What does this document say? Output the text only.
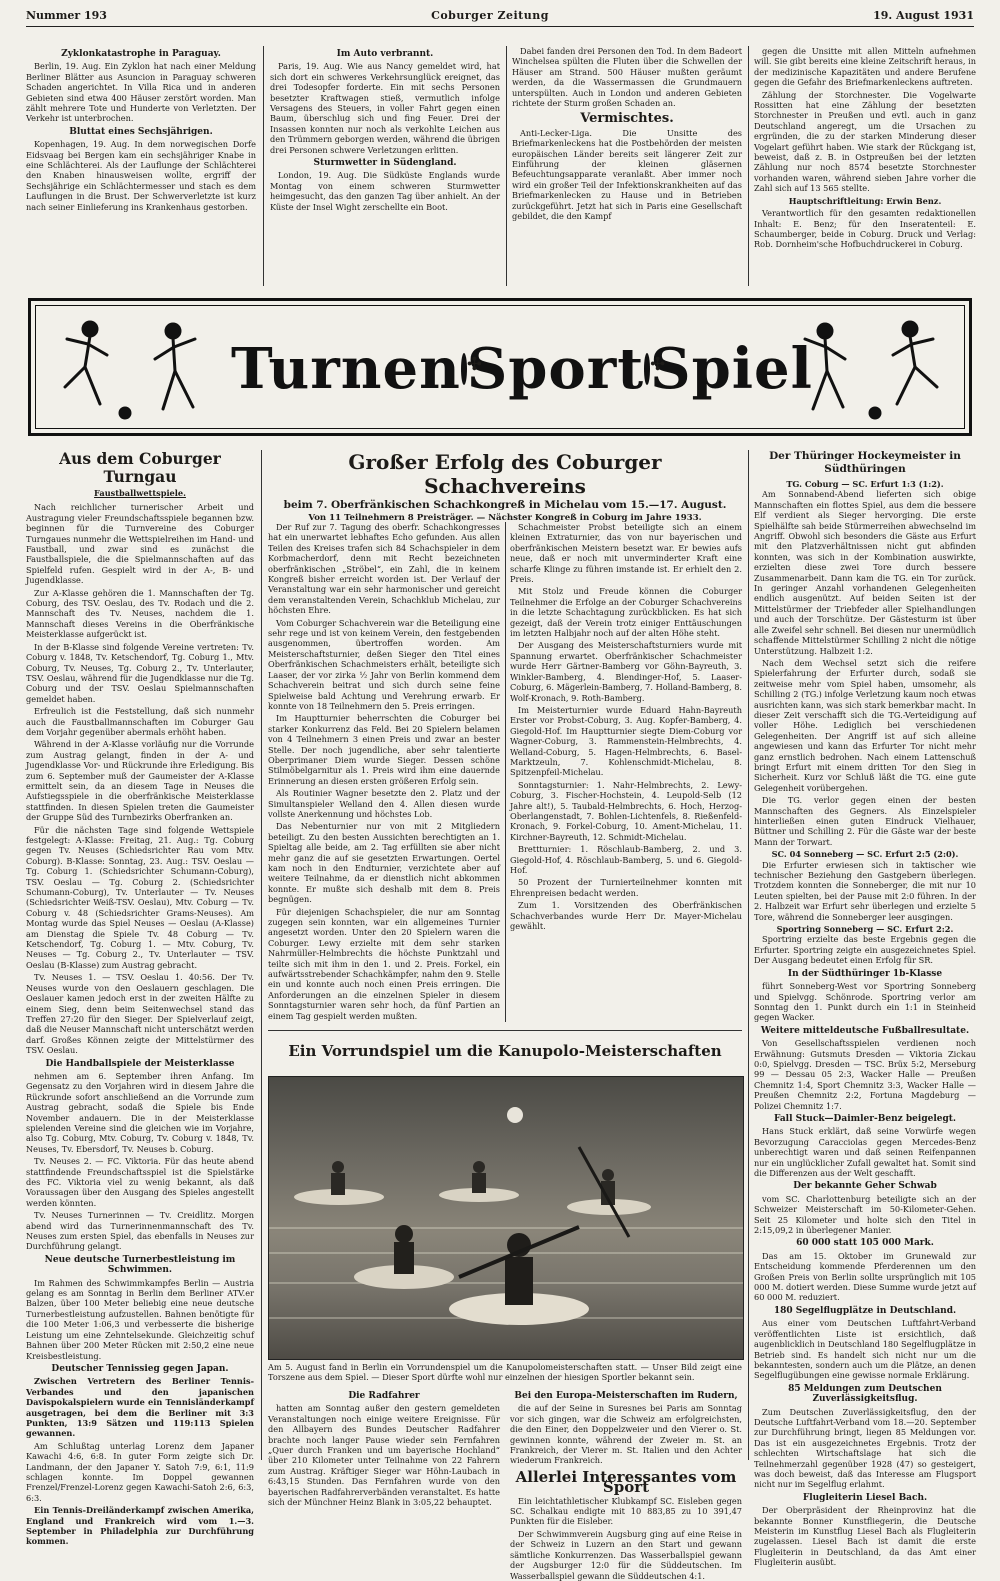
Nummer 193	Coburger Zeitung	19. August 1931
Zyklonkatastrophe in Paraguay.

Berlin, 19. Aug. Ein Zyklon hat nach einer Meldung Berliner Blätter aus Asuncion in Paraguay schweren Schaden angerichtet. In Villa Rica und in anderen Gebieten sind etwa 400 Häuser zerstört worden. Man zählt mehrere Tote und Hunderte von Verletzten. Der Verkehr ist unterbrochen.

Bluttat eines Sechsjährigen.

Kopenhagen, 19. Aug. In dem norwegischen Dorfe Eidsvaag bei Bergen kam ein sechsjähriger Knabe in eine Schlächterei. Als der Lauflunge der Schlächterei den Knaben hinausweisen wollte, ergriff der Sechsjährige ein Schlächtermesser und stach es dem Lauflungen in die Brust. Der Schwerverletzte ist kurz nach seiner Einlieferung ins Krankenhaus gestorben.

Im Auto verbrannt.

Paris, 19. Aug. Wie aus Nancy gemeldet wird, hat sich dort ein schweres Verkehrsunglück ereignet, das drei Todesopfer forderte. Ein mit sechs Personen besetzter Kraftwagen stieß, vermutlich infolge Versagens des Steuers, in voller Fahrt gegen einen Baum, überschlug sich und fing Feuer. Drei der Insassen konnten nur noch als verkohlte Leichen aus den Trümmern geborgen werden, während die übrigen drei Personen schwere Verletzungen erlitten.

Sturmwetter in Südengland.

London, 19. Aug. Die Südküste Englands wurde Montag von einem schweren Sturmwetter heimgesucht, das den ganzen Tag über anhielt. An der Küste der Insel Wight zerschellte ein Boot.

Dabei fanden drei Personen den Tod. In dem Badeort Winchelsea spülten die Fluten über die Schwellen der Häuser am Strand. 500 Häuser mußten geräumt werden, da die Wassermassen die Grundmauern unterspülten. Auch in London und anderen Gebieten richtete der Sturm großen Schaden an.

Vermischtes.

Anti-Lecker-Liga. Die Unsitte des Briefmarkenleckens hat die Postbehörden der meisten europäischen Länder bereits seit längerer Zeit zur Einführung der kleinen gläsernen Befeuchtungsapparate veranlaßt. Aber immer noch wird ein großer Teil der Infektionskrankheiten auf das Briefmarkenlecken zu Hause und in Betrieben zurückgeführt. Jetzt hat sich in Paris eine Gesellschaft gebildet, die den Kampf

gegen die Unsitte mit allen Mitteln aufnehmen will. Sie gibt bereits eine kleine Zeitschrift heraus, in der medizinische Kapazitäten und andere Berufene gegen die Gefahr des Briefmarkenleckens auftreten.

Zählung der Storchnester. Die Vogelwarte Rossitten hat eine Zählung der besetzten Storchnester in Preußen und evtl. auch in ganz Deutschland angeregt, um die Ursachen zu ergründen, die zu der starken Minderung dieser Vogelart geführt haben. Wie stark der Rückgang ist, beweist, daß z. B. in Ostpreußen bei der letzten Zählung nur noch 8574 besetzte Storchnester vorhanden waren, während sieben Jahre vorher die Zahl sich auf 13 565 stellte.

Hauptschriftleitung: Erwin Benz.

Verantwortlich für den gesamten redaktionellen Inhalt: E. Benz; für den Inseratenteil: E. Schaumberger, beide in Coburg. Druck und Verlag: Rob. Dornheim'sche Hofbuchdruckerei in Coburg.

Turnen ✣ Sport ✣ Spiel
Aus dem Coburger Turngau
Faustballwettspiele.

Nach reichlicher turnerischer Arbeit und Austragung vieler Freundschaftsspiele begannen bzw. beginnen für die Turnvereine des Coburger Turngaues nunmehr die Wettspielreihen im Hand- und Faustball, und zwar sind es zunächst die Faustballspiele, die die Spielmannschaften auf das Spielfeld rufen. Gespielt wird in der A-, B- und Jugendklasse.

Zur A-Klasse gehören die 1. Mannschaften der Tg. Coburg, des TSV. Oeslau, des Tv. Rodach und die 2. Mannschaft des Tv. Neuses, nachdem die 1. Mannschaft dieses Vereins in die Oberfränkische Meisterklasse aufgerückt ist.

In der B-Klasse sind folgende Vereine vertreten: Tv. Coburg v. 1848, Tv. Ketschendorf, Tg. Coburg 1., Mtv. Coburg, Tv. Neuses, Tg. Coburg 2., Tv. Unterlauter, TSV. Oeslau, während für die Jugendklasse nur die Tg. Coburg und der TSV. Oeslau Spielmannschaften gemeldet haben.

Erfreulich ist die Feststellung, daß sich nunmehr auch die Faustballmannschaften im Coburger Gau dem Vorjahr gegenüber abermals erhöht haben.

Während in der A-Klasse vorläufig nur die Vorrunde zum Austrag gelangt, finden in der A- und Jugendklasse Vor- und Rückrunde ihre Erledigung. Bis zum 6. September muß der Gaumeister der A-Klasse ermittelt sein, da an diesem Tage in Neuses die Aufstiegsspiele in die oberfränkische Meisterklasse stattfinden. In diesen Spielen treten die Gaumeister der Gruppe Süd des Turnbezirks Oberfranken an.

Für die nächsten Tage sind folgende Wettspiele festgelegt: A-Klasse: Freitag, 21. Aug.: Tg. Coburg gegen Tv. Neuses (Schiedsrichter Rau vom Mtv. Coburg). B-Klasse: Sonntag, 23. Aug.: TSV. Oeslau — Tg. Coburg 1. (Schiedsrichter Schumann-Coburg), TSV. Oeslau — Tg. Coburg 2. (Schiedsrichter Schumann-Coburg), Tv. Unterlauter — Tv. Neuses (Schiedsrichter Weiß-TSV. Oeslau), Mtv. Coburg — Tv. Coburg v. 48 (Schiedsrichter Grams-Neuses). Am Montag wurde das Spiel Neuses — Oeslau (A-Klasse) am Dienstag die Spiele Tv. 48 Coburg — Tv. Ketschendorf, Tg. Coburg 1. — Mtv. Coburg, Tv. Neuses — Tg. Coburg 2., Tv. Unterlauter — TSV. Oeslau (B-Klasse) zum Austrag gebracht.

Tv. Neuses 1. — TSV. Oeslau 1. 40:56. Der Tv. Neuses wurde von den Oeslauern geschlagen. Die Oeslauer kamen jedoch erst in der zweiten Hälfte zu einem Sieg, denn beim Seitenwechsel stand das Treffen 27:20 für den Sieger. Der Spielverlauf zeigt, daß die Neuser Mannschaft nicht unterschätzt werden darf. Großes Können zeigte der Mittelstürmer des TSV. Oeslau.

Die Handballspiele der Meisterklasse

nehmen am 6. September ihren Anfang. Im Gegensatz zu den Vorjahren wird in diesem Jahre die Rückrunde sofort anschließend an die Vorrunde zum Austrag gebracht, sodaß die Spiele bis Ende November andauern. Die in der Meisterklasse spielenden Vereine sind die gleichen wie im Vorjahre, also Tg. Coburg, Mtv. Coburg, Tv. Coburg v. 1848, Tv. Neuses, Tv. Ebersdorf, Tv. Neuses b. Coburg.

Tv. Neuses 2. — FC. Viktoria. Für das heute abend stattfindende Freundschaftsspiel ist die Spielstärke des FC. Viktoria viel zu wenig bekannt, als daß Voraussagen über den Ausgang des Spieles angestellt werden könnten.

Tv. Neuses Turnerinnen — Tv. Creidlitz. Morgen abend wird das Turnerinnenmannschaft des Tv. Neuses zum ersten Spiel, das ebenfalls in Neuses zur Durchführung gelangt.

Neue deutsche Turnerbestleistung im Schwimmen.

Im Rahmen des Schwimmkampfes Berlin — Austria gelang es am Sonntag in Berlin dem Berliner ATV.er Balzen, über 100 Meter beliebig eine neue deutsche Turnerbestleistung aufzustellen. Bahnen benötigte für die 100 Meter 1:06,3 und verbesserte die bisherige Leistung um eine Zehntelsekunde. Gleichzeitig schuf Bahnen über 200 Meter Rücken mit 2:50,2 eine neue Kreisbestleistung.

Deutscher Tennissieg gegen Japan.

Zwischen Vertretern des Berliner Tennis-Verbandes und den japanischen Davispokalspielern wurde ein Tennisländerkampf ausgetragen, bei dem die Berliner mit 3:3 Punkten, 13:9 Sätzen und 119:113 Spielen gewannen.

Am Schlußtag unterlag Lorenz dem Japaner Kawachi 4:6, 6:8. In guter Form zeigte sich Dr. Landmann, der den Japaner Y. Satoh 7:9, 6:1, 11:9 schlagen konnte. Im Doppel gewannen Frenzel/Frenzel-Lorenz gegen Kawachi-Satoh 2:6, 6:3, 6:3.

Ein Tennis-Dreiländerkampf zwischen Amerika, England und Frankreich wird vom 1.—3. September in Philadelphia zur Durchführung kommen.

Großer Erfolg des Coburger Schachvereins
beim 7. Oberfränkischen Schachkongreß in Michelau vom 15.—17. August.
Von 11 Teilnehmern 8 Preisträger. — Nächster Kongreß in Coburg im Jahre 1933.

Der Ruf zur 7. Tagung des oberfr. Schachkongresses hat ein unerwartet lebhaftes Echo gefunden. Aus allen Teilen des Kreises trafen sich 84 Schachspieler in dem Korbmacherdorf, denn mit Recht bezeichneten oberfränkischen „Ströbel“, ein Zahl, die in keinem Kongreß bisher erreicht worden ist. Der Verlauf der Veranstaltung war ein sehr harmonischer und gereicht dem veranstaltenden Verein, Schachklub Michelau, zur höchsten Ehre.

Vom Coburger Schachverein war die Beteiligung eine sehr rege und ist von keinem Verein, den festgebenden ausgenommen, übertroffen worden. Am Meisterschaftsturnier, deßen Sieger den Titel eines Oberfränkischen Schachmeisters erhält, beteiligte sich Laaser, der vor zirka ½ Jahr von Berlin kommend dem Schachverein beitrat und sich durch seine feine Spielweise bald Achtung und Verehrung erwarb. Er konnte von 18 Teilnehmern den 5. Preis erringen.

Im Hauptturnier beherrschten die Coburger bei starker Konkurrenz das Feld. Bei 20 Spielern belamen von 4 Teilnehmern 3 einen Preis und zwar an bester Stelle. Der noch jugendliche, aber sehr talentierte Oberprimaner Diem wurde Sieger. Dessen schöne Stilmöbelgarnitur als 1. Preis wird ihm eine dauernde Erinnerung an diesen ersten größeren Erfolg sein.

Als Routinier Wagner besetzte den 2. Platz und der Simultanspieler Welland den 4. Allen diesen wurde vollste Anerkennung und höchstes Lob.

Das Nebenturnier nur von mit 2 Mitgliedern beteiligt. Zu den besten Aussichten berechtigten an 1. Spieltag alle beide, am 2. Tag erfüllten sie aber nicht mehr ganz die auf sie gesetzten Erwartungen. Oertel kam noch in den Endturnier, verzichtete aber auf weitere Teilnahme, da er dienstlich nicht abkommen konnte. Er mußte sich deshalb mit dem 8. Preis begnügen.

Für diejenigen Schachspieler, die nur am Sonntag zugegen sein konnten, war ein allgemeines Turnier angesetzt worden. Unter den 20 Spielern waren die Coburger. Lewy erzielte mit dem sehr starken Nahrmüller-Helmbrechts die höchste Punktzahl und teilte sich mit ihm in den 1. und 2. Preis. Forkel, ein aufwärtsstrebender Schachkämpfer, nahm den 9. Stelle ein und konnte auch noch einen Preis erringen. Die Anforderungen an die einzelnen Spieler in diesem Sonntagsturnier waren sehr hoch, da fünf Partien an einem Tag gespielt werden mußten.

Schachmeister Probst beteiligte sich an einem kleinen Extraturnier, das von nur bayerischen und oberfränkischen Meistern besetzt war. Er bewies aufs neue, daß er noch mit unverminderter Kraft eine scharfe Klinge zu führen imstande ist. Er erhielt den 2. Preis.

Mit Stolz und Freude können die Coburger Teilnehmer die Erfolge an der Coburger Schachvereins in die letzte Schachtagung zurückblicken. Es hat sich gezeigt, daß der Verein trotz einiger Enttäuschungen im letzten Halbjahr noch auf der alten Höhe steht.

Der Ausgang des Meisterschaftsturniers wurde mit Spannung erwartet. Oberfränkischer Schachmeister wurde Herr Gärtner-Bamberg vor Göhn-Bayreuth, 3. Winkler-Bamberg, 4. Blendinger-Hof, 5. Laaser-Coburg, 6. Mägerlein-Bamberg, 7. Holland-Bamberg, 8. Wolf-Kronach, 9. Roth-Bamberg.

Im Meisterturnier wurde Eduard Hahn-Bayreuth Erster vor Probst-Coburg, 3. Aug. Kopfer-Bamberg, 4. Giegold-Hof. Im Hauptturnier siegte Diem-Coburg vor Wagner-Coburg, 3. Rammenstein-Helmbrechts, 4. Welland-Coburg, 5. Hagen-Helmbrechts, 6. Basel-Marktzeuln, 7. Kohlenschmidt-Michelau, 8. Spitzenpfeil-Michelau.

Sonntagsturnier: 1. Nahr-Helmbrechts, 2. Lewy-Coburg, 3. Fischer-Hochstein, 4. Leupold-Selb (12 Jahre alt!), 5. Taubald-Helmbrechts, 6. Hoch, Herzog-Oberlangenstadt, 7. Bohlen-Lichtenfels, 8. Rießenfeld-Kronach, 9. Forkel-Coburg, 10. Ament-Michelau, 11. Kirchner-Bayreuth, 12. Schmidt-Michelau.

Brettturnier: 1. Röschlaub-Bamberg, 2. und 3. Giegold-Hof, 4. Röschlaub-Bamberg, 5. und 6. Giegold-Hof.

50 Prozent der Turnierteilnehmer konnten mit Ehrenpreisen bedacht werden.

Zum 1. Vorsitzenden des Oberfränkischen Schachverbandes wurde Herr Dr. Mayer-Michelau gewählt.

Ein Vorrundspiel um die Kanupolo-Meisterschaften
Am 5. August fand in Berlin ein Vorrundenspiel um die Kanupolomeisterschaften statt. — Unser Bild zeigt eine Torszene aus dem Spiel. — Dieser Sport dürfte wohl nur einzelnen der hiesigen Sportler bekannt sein.
Der Thüringer Hockeymeister in Südthüringen
TG. Coburg — SC. Erfurt 1:3 (1:2).

Am Sonnabend-Abend lieferten sich obige Mannschaften ein flottes Spiel, aus dem die bessere Elf verdient als Sieger hervorging. Die erste Spielhälfte sah beide Stürmerreihen abwechselnd im Angriff. Obwohl sich besonders die Gäste aus Erfurt mit den Platzverhältnissen nicht gut abfinden konnten, was sich in der Kombination auswirkte, erzielten diese zwei Tore durch bessere Zusammenarbeit. Dann kam die TG. ein Tor zurück. In geringer Anzahl vorhandenen Gelegenheiten endlich ausgenützt. Auf beiden Seiten ist der Mittelstürmer der Triebfeder aller Spielhandlungen und auch der Torschütze. Der Gästesturm ist über alle Zweifel sehr schnell. Bei diesen nur unermüdlich schaffende Mittelstürmer Schilling 2 nicht die nötige Unterstützung. Halbzeit 1:2.

Nach dem Wechsel setzt sich die reifere Spielerfahrung der Erfurter durch, sodaß sie zeitweise mehr vom Spiel haben, umsomehr, als Schilling 2 (TG.) infolge Verletzung kaum noch etwas ausrichten kann, was sich stark bemerkbar macht. In dieser Zeit verschafft sich die TG.-Verteidigung auf voller Höhe. Lediglich bei verschiedenen Gelegenheiten. Der Angriff ist auf sich alleine angewiesen und kann das Erfurter Tor nicht mehr ganz ernstlich bedrohen. Nach einem Lattenschuß bringt Erfurt mit einem dritten Tor den Sieg in Sicherheit. Kurz vor Schluß läßt die TG. eine gute Gelegenheit vorübergehen.

Die TG. verlor gegen einen der besten Mannschaften des Gegners. Als Einzelspieler hinterließen einen guten Eindruck Vielhauer, Büttner und Schilling 2. Für die Gäste war der beste Mann der Torwart.

SC. 04 Sonneberg — SC. Erfurt 2:5 (2:0).

Die Erfurter erwiesen sich in taktischer wie technischer Beziehung den Gastgebern überlegen. Trotzdem konnten die Sonneberger, die mit nur 10 Leuten spielten, bei der Pause mit 2:0 führen. In der 2. Halbzeit war Erfurt sehr überlegen und erzielte 5 Tore, während die Sonneberger leer ausgingen.

Sportring Sonneberg — SC. Erfurt 2:2.

Sportring erzielte das beste Ergebnis gegen die Erfurter. Sportring zeigte ein ausgezeichnetes Spiel. Der Ausgang bedeutet einen Erfolg für SR.

In der Südthüringer 1b-Klasse

führt Sonneberg-West vor Sportring Sonneberg und Spielvgg. Schönrode. Sportring verlor am Sonntag den 1. Punkt durch ein 1:1 in Steinheid gegen Wacker.

Weitere mitteldeutsche Fußballresultate.

Von Gesellschaftsspielen verdienen noch Erwähnung: Gutsmuts Dresden — Viktoria Zickau 0:0, Spielvgg. Dresden — TSC. Brüx 5:2, Merseburg 99 — Dessau 05 2:3, Wacker Halle — Preußen Chemnitz 1:4, Sport Chemnitz 3:3, Wacker Halle — Preußen Chemnitz 2:2, Fortuna Magdeburg — Polizei Chemnitz 1:7.

Fall Stuck—Daimler-Benz beigelegt.

Hans Stuck erklärt, daß seine Vorwürfe wegen Bevorzugung Caracciolas gegen Mercedes-Benz unberechtigt waren und daß seinen Reifenpannen nur ein unglücklicher Zufall gewaltet hat. Somit sind die Differenzen aus der Welt geschafft.

Der bekannte Geher Schwab

vom SC. Charlottenburg beteiligte sich an der Schweizer Meisterschaft im 50-Kilometer-Gehen. Seit 25 Kilometer und holte sich den Titel in 2:15,09,2 in überlegener Manier.

60 000 statt 105 000 Mark.

Das am 15. Oktober im Grunewald zur Entscheidung kommende Pferderennen um den Großen Preis von Berlin sollte ursprünglich mit 105 000 M. dotiert werden. Diese Summe wurde jetzt auf 60 000 M. reduziert.

180 Segelflugplätze in Deutschland.

Aus einer vom Deutschen Luftfahrt-Verband veröffentlichten Liste ist ersichtlich, daß augenblicklich in Deutschland 180 Segelflugplätze in Betrieb sind. Es handelt sich nicht nur um die bekanntesten, sondern auch um die Plätze, an denen Segelflugübungen eine gewisse normale Erklärung.

85 Meldungen zum Deutschen Zuverlässigkeitsflug.

Zum Deutschen Zuverlässigkeitsflug, den der Deutsche Luftfahrt-Verband vom 18.—20. September zur Durchführung bringt, liegen 85 Meldungen vor. Das ist ein ausgezeichnetes Ergebnis. Trotz der schlechten Wirtschaftslage hat sich die Teilnehmerzahl gegenüber 1928 (47) so gesteigert, was doch beweist, daß das Interesse am Flugsport nicht nur im Segelflug erlahmt.

Flugleiterin Liesel Bach.

Der Oberpräsident der Rheinprovinz hat die bekannte Bonner Kunstfliegerin, die Deutsche Meisterin im Kunstflug Liesel Bach als Flugleiterin zugelassen. Liesel Bach ist damit die erste Flugleiterin in Deutschland, da das Amt einer Flugleiterin ausübt.

Die Radfahrer

hatten am Sonntag außer den gestern gemeldeten Veranstaltungen noch einige weitere Ereignisse. Für den Allbayern des Bundes Deutscher Radfahrer brachte noch langer Pause wieder sein Fernfahren „Quer durch Franken und um bayerische Hochland“ über 210 Kilometer unter Teilnahme von 22 Fahrern zum Austrag. Kräftiger Sieger war Höhn-Laubach in 6:43,15 Stunden. Das Fernfahren wurde von den bayerischen Radfahrerverbänden veranstaltet. Es hatte sich der Münchner Heinz Blank in 3:05,22 behauptet.

Bei den Europa-Meisterschaften im Rudern,

die auf der Seine in Suresnes bei Paris am Sonntag vor sich gingen, war die Schweiz am erfolgreichsten, die den Einer, den Doppelzweier und den Vierer o. St. gewinnen konnte, während der Zweier m. St. an Frankreich, der Vierer m. St. Italien und den Achter wiederum Frankreich.

Allerlei Interessantes vom Sport

Ein leichtathletischer Klubkampf SC. Eisleben gegen SC. Schalkau endigte mit 10 883,85 zu 10 391,47 Punkten für die Eisleber.

Der Schwimmverein Augsburg ging auf eine Reise in der Schweiz in Luzern an den Start und gewann sämtliche Konkurrenzen. Das Wasserballspiel gewann der Augsburger 12:0 für die Süddeutschen. Im Wasserballspiel gewann die Süddeutschen 4:1.
